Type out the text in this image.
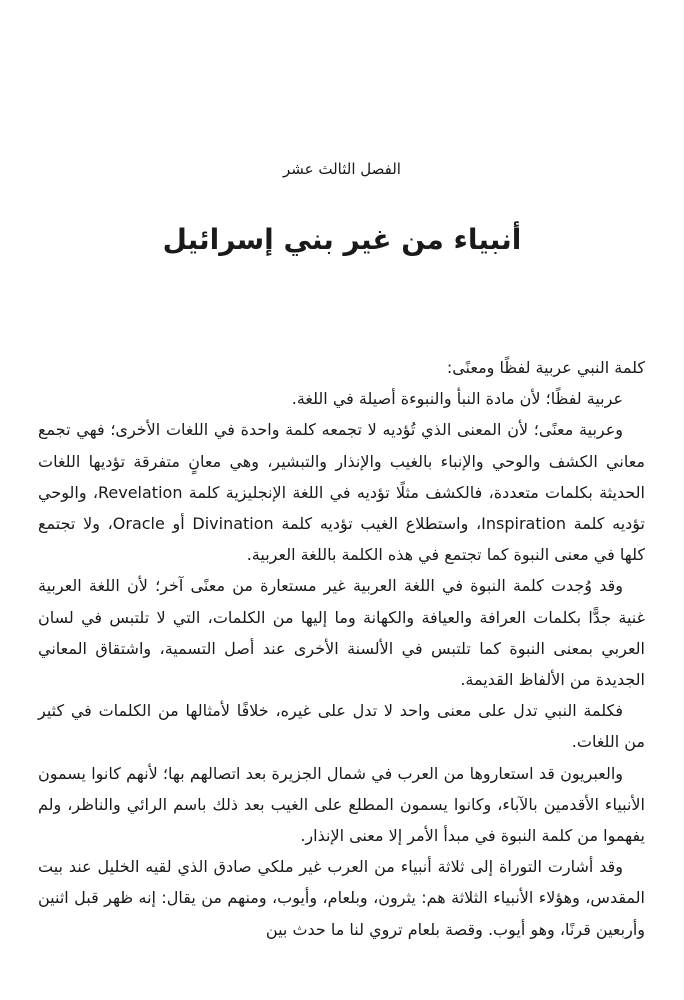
الفصل الثالث عشر
أنبياء من غير بني إسرائيل

كلمة النبي عربية لفظًا ومعنًى:

عربية لفظًا؛ لأن مادة النبأ والنبوءة أصيلة في اللغة.

وعربية معنًى؛ لأن المعنى الذي تُؤديه لا تجمعه كلمة واحدة في اللغات الأخرى؛ فهي تجمع معاني الكشف والوحي والإنباء بالغيب والإنذار والتبشير، وهي معانٍ متفرقة تؤديها اللغات الحديثة بكلمات متعددة، فالكشف مثلًا تؤديه في اللغة الإنجليزية كلمة Revelation، والوحي تؤديه كلمة Inspiration، واستطلاع الغيب تؤديه كلمة Divination أو Oracle، ولا تجتمع كلها في معنى النبوة كما تجتمع في هذه الكلمة باللغة العربية.

وقد وُجدت كلمة النبوة في اللغة العربية غير مستعارة من معنًى آخر؛ لأن اللغة العربية غنية جدًّا بكلمات العرافة والعيافة والكهانة وما إليها من الكلمات، التي لا تلتبس في لسان العربي بمعنى النبوة كما تلتبس في الألسنة الأخرى عند أصل التسمية، واشتقاق المعاني الجديدة من الألفاظ القديمة.

فكلمة النبي تدل على معنى واحد لا تدل على غيره، خلافًا لأمثالها من الكلمات في كثير من اللغات.

والعبريون قد استعاروها من العرب في شمال الجزيرة بعد اتصالهم بها؛ لأنهم كانوا يسمون الأنبياء الأقدمين بالآباء، وكانوا يسمون المطلع على الغيب بعد ذلك باسم الرائي والناظر، ولم يفهموا من كلمة النبوة في مبدأ الأمر إلا معنى الإنذار.

وقد أشارت التوراة إلى ثلاثة أنبياء من العرب غير ملكي صادق الذي لقيه الخليل عند بيت المقدس، وهؤلاء الأنبياء الثلاثة هم: يثرون، وبلعام، وأيوب، ومنهم من يقال: إنه ظهر قبل اثنين وأربعين قرنًا، وهو أيوب. وقصة بلعام تروي لنا ما حدث بين
